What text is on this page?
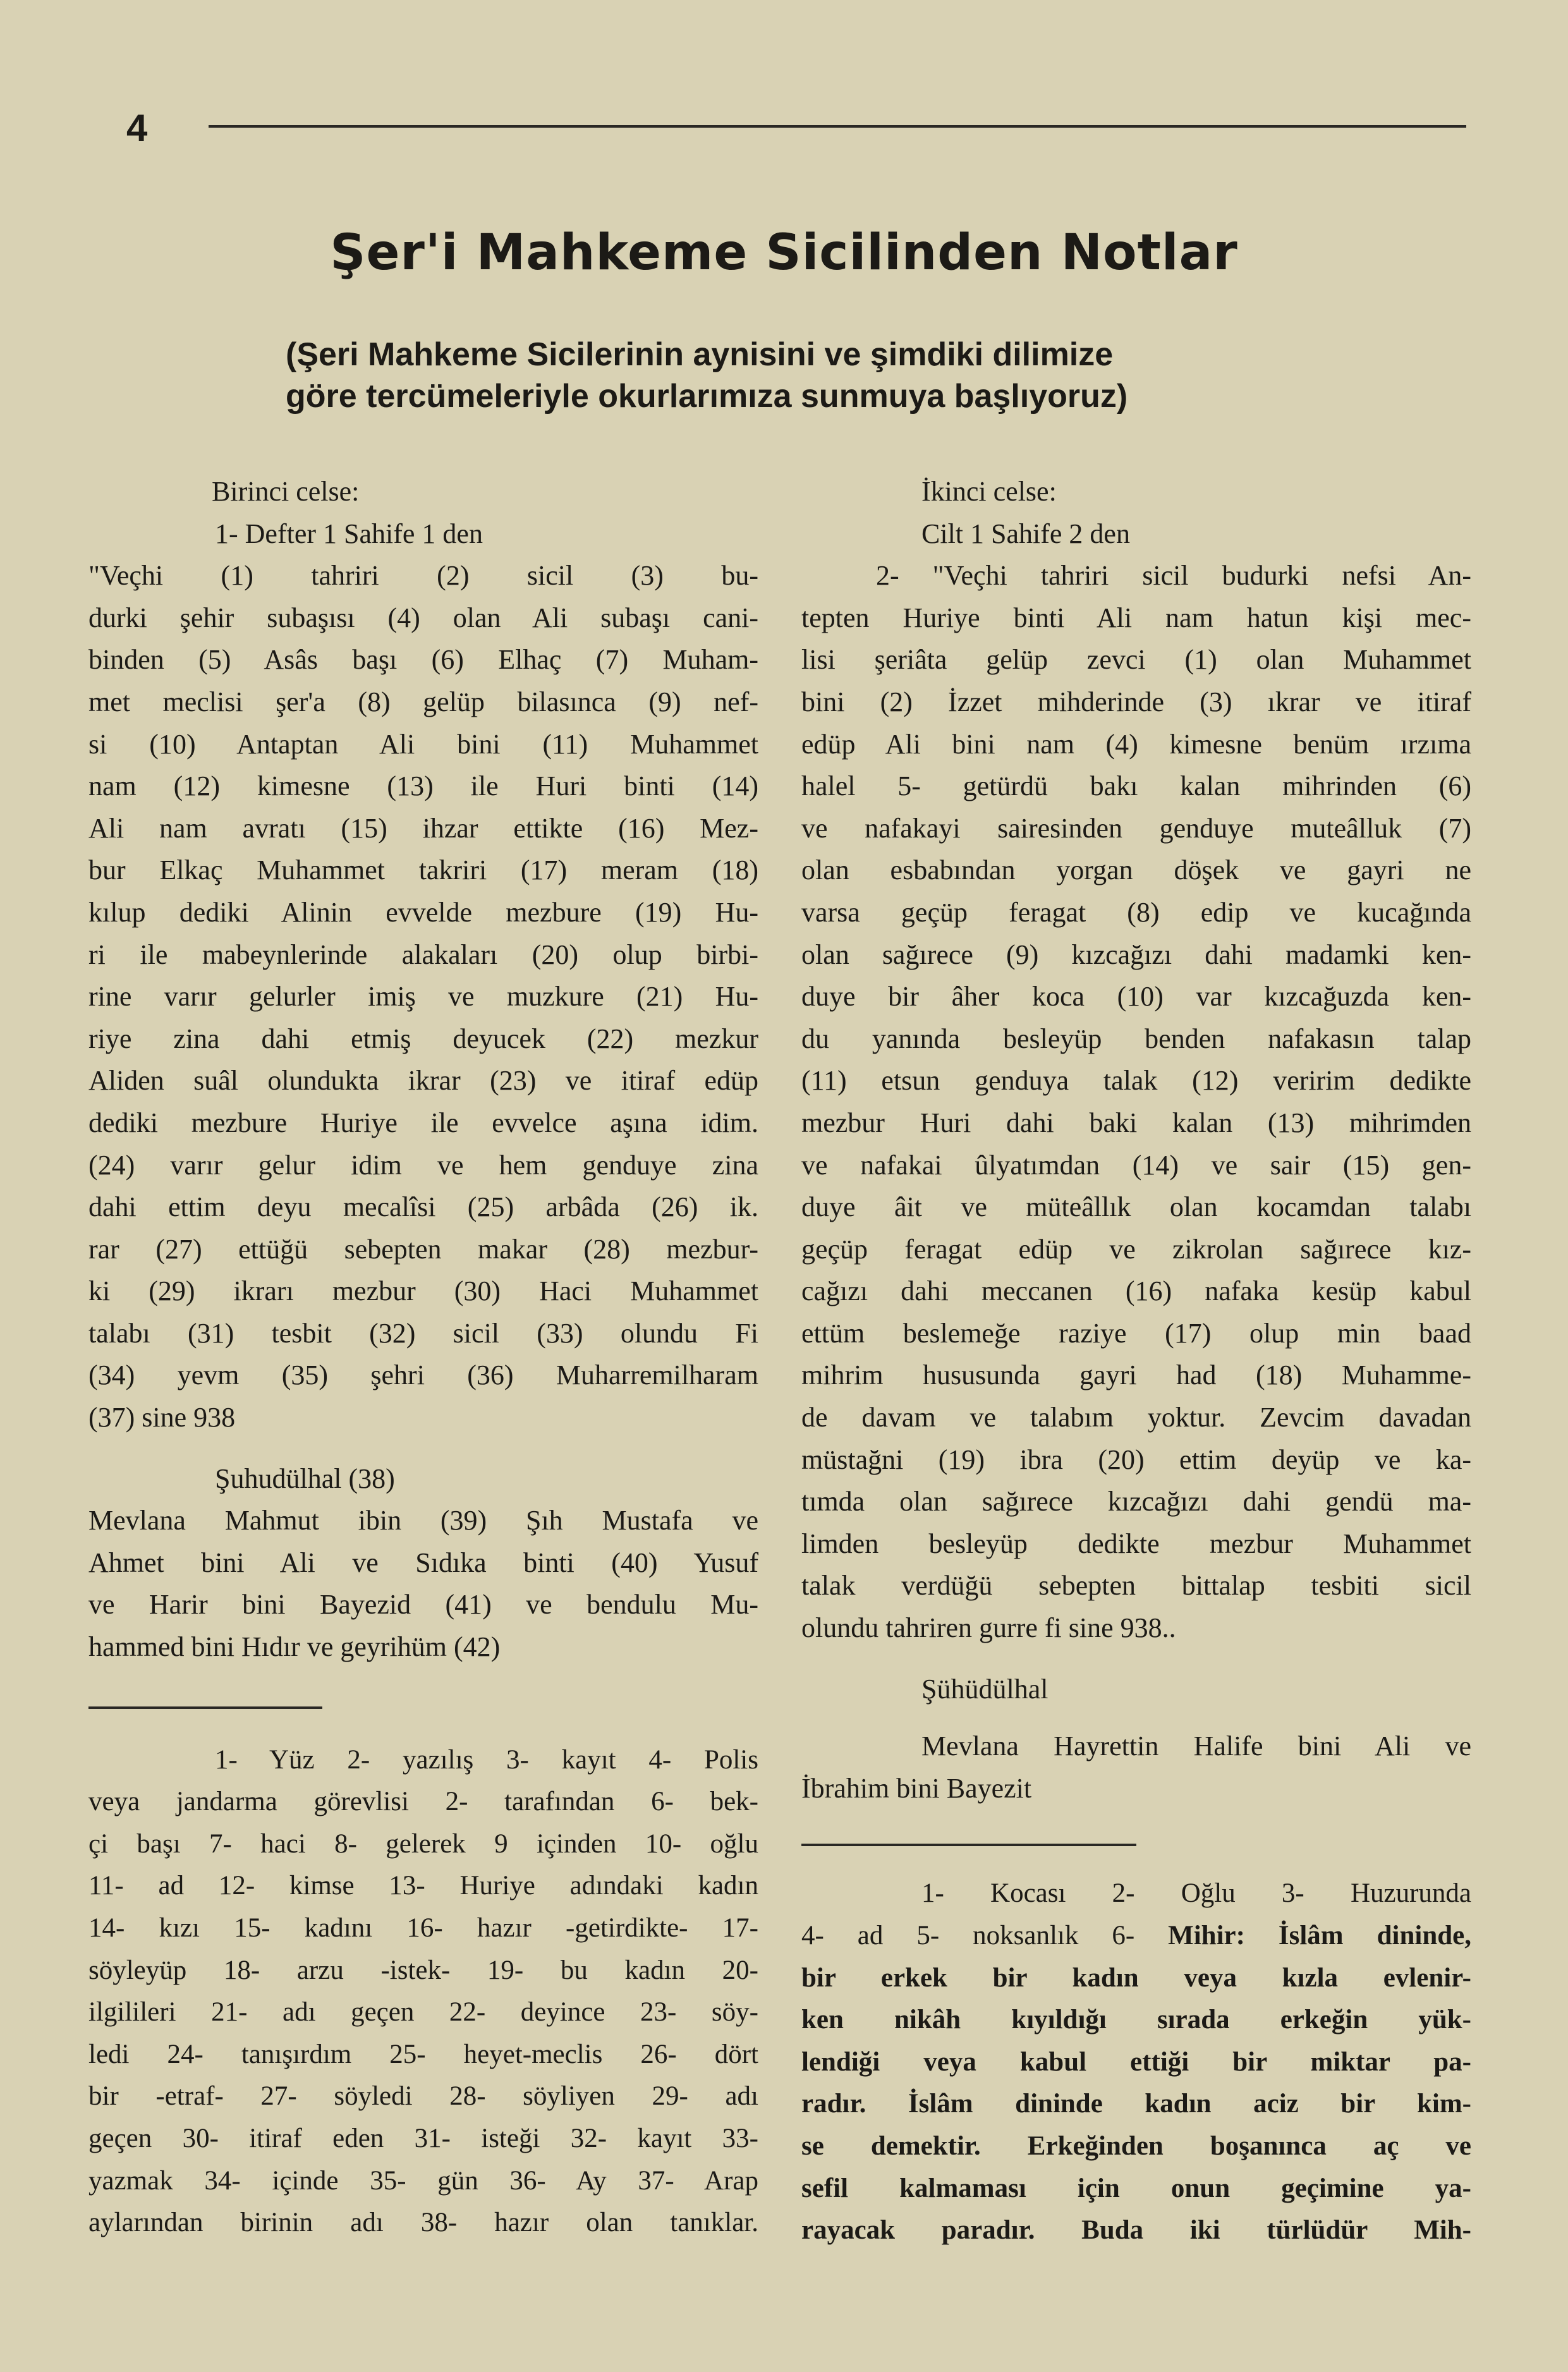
4
Şer'i Mahkeme Sicilinden Notlar
(Şeri Mahkeme Sicilerinin aynisini ve şimdiki dilimize
göre tercümeleriyle okurlarımıza sunmuya başlıyoruz)
Birinci celse:
1- Defter 1 Sahife 1 den
"Veçhi (1) tahriri (2) sicil (3) bu-
durki şehir subaşısı (4) olan Ali subaşı cani-
binden (5) Asâs başı (6) Elhaç (7) Muham-
met meclisi şer'a (8) gelüp bilasınca (9) nef-
si (10) Antaptan Ali bini (11) Muhammet
nam (12) kimesne (13) ile Huri binti (14)
Ali nam avratı (15) ihzar ettikte (16) Mez-
bur Elkaç Muhammet takriri (17) meram (18)
kılup dediki Alinin evvelde mezbure (19) Hu-
ri ile mabeynlerinde alakaları (20) olup birbi-
rine varır gelurler imiş ve muzkure (21) Hu-
riye zina dahi etmiş deyucek (22) mezkur
Aliden suâl olundukta ikrar (23) ve itiraf edüp
dediki mezbure Huriye ile evvelce aşına idim.
(24) varır gelur idim ve hem genduye zina
dahi ettim deyu mecalîsi (25) arbâda (26) ik.
rar (27) ettüğü sebepten makar (28) mezbur-
ki (29) ikrarı mezbur (30) Haci Muhammet
talabı (31) tesbit (32) sicil (33) olundu Fi
(34) yevm (35) şehri (36) Muharremilharam
(37) sine 938
Şuhudülhal (38)
Mevlana Mahmut ibin (39) Şıh Mustafa ve
Ahmet bini Ali ve Sıdıka binti (40) Yusuf
ve Harir bini Bayezid (41) ve bendulu Mu-
hammed bini Hıdır ve geyrihüm (42)
1- Yüz 2- yazılış 3- kayıt 4- Polis
veya jandarma görevlisi 2- tarafından 6- bek-
çi başı 7- haci 8- gelerek 9 içinden 10- oğlu
11- ad 12- kimse 13- Huriye adındaki kadın
14- kızı 15- kadını 16- hazır -getirdikte- 17-
söyleyüp 18- arzu -istek- 19- bu kadın 20-
ilgilileri 21- adı geçen 22- deyince 23- söy-
ledi 24- tanışırdım 25- heyet-meclis 26- dört
bir -etraf- 27- söyledi 28- söyliyen 29- adı
geçen 30- itiraf eden 31- isteği 32- kayıt 33-
yazmak 34- içinde 35- gün 36- Ay 37- Arap
aylarından birinin adı 38- hazır olan tanıklar.
İkinci celse:
Cilt 1 Sahife 2 den
2- "Veçhi tahriri sicil budurki nefsi An-
tepten Huriye binti Ali nam hatun kişi mec-
lisi şeriâta gelüp zevci (1) olan Muhammet
bini (2) İzzet mihderinde (3) ıkrar ve itiraf
edüp Ali bini nam (4) kimesne benüm ırzıma
halel 5- getürdü bakı kalan mihrinden (6)
ve nafakayi sairesinden genduye muteâlluk (7)
olan esbabından yorgan döşek ve gayri ne
varsa geçüp feragat (8) edip ve kucağında
olan sağırece (9) kızcağızı dahi madamki ken-
duye bir âher koca (10) var kızcağuzda ken-
du yanında besleyüp benden nafakasın talap
(11) etsun genduya talak (12) veririm dedikte
mezbur Huri dahi baki kalan (13) mihrimden
ve nafakai ûlyatımdan (14) ve sair (15) gen-
duye âit ve müteâllık olan kocamdan talabı
geçüp feragat edüp ve zikrolan sağırece kız-
cağızı dahi meccanen (16) nafaka kesüp kabul
ettüm beslemeğe raziye (17) olup min baad
mihrim hususunda gayri had (18) Muhamme-
de davam ve talabım yoktur. Zevcim davadan
müstağni (19) ibra (20) ettim deyüp ve ka-
tımda olan sağırece kızcağızı dahi gendü ma-
limden besleyüp dedikte mezbur Muhammet
talak verdüğü sebepten bittalap tesbiti sicil
olundu tahriren gurre fi sine 938..
Şühüdülhal
Mevlana Hayrettin Halife bini Ali ve
İbrahim bini Bayezit
1- Kocası 2- Oğlu 3- Huzurunda
4- ad 5- noksanlık 6- Mihir: İslâm dininde,
bir erkek bir kadın veya kızla evlenir-
ken nikâh kıyıldığı sırada erkeğin yük-
lendiği veya kabul ettiği bir miktar pa-
radır. İslâm dininde kadın aciz bir kim-
se demektir. Erkeğinden boşanınca aç ve
sefil kalmaması için onun geçimine ya-
rayacak paradır. Buda iki türlüdür Mih-
